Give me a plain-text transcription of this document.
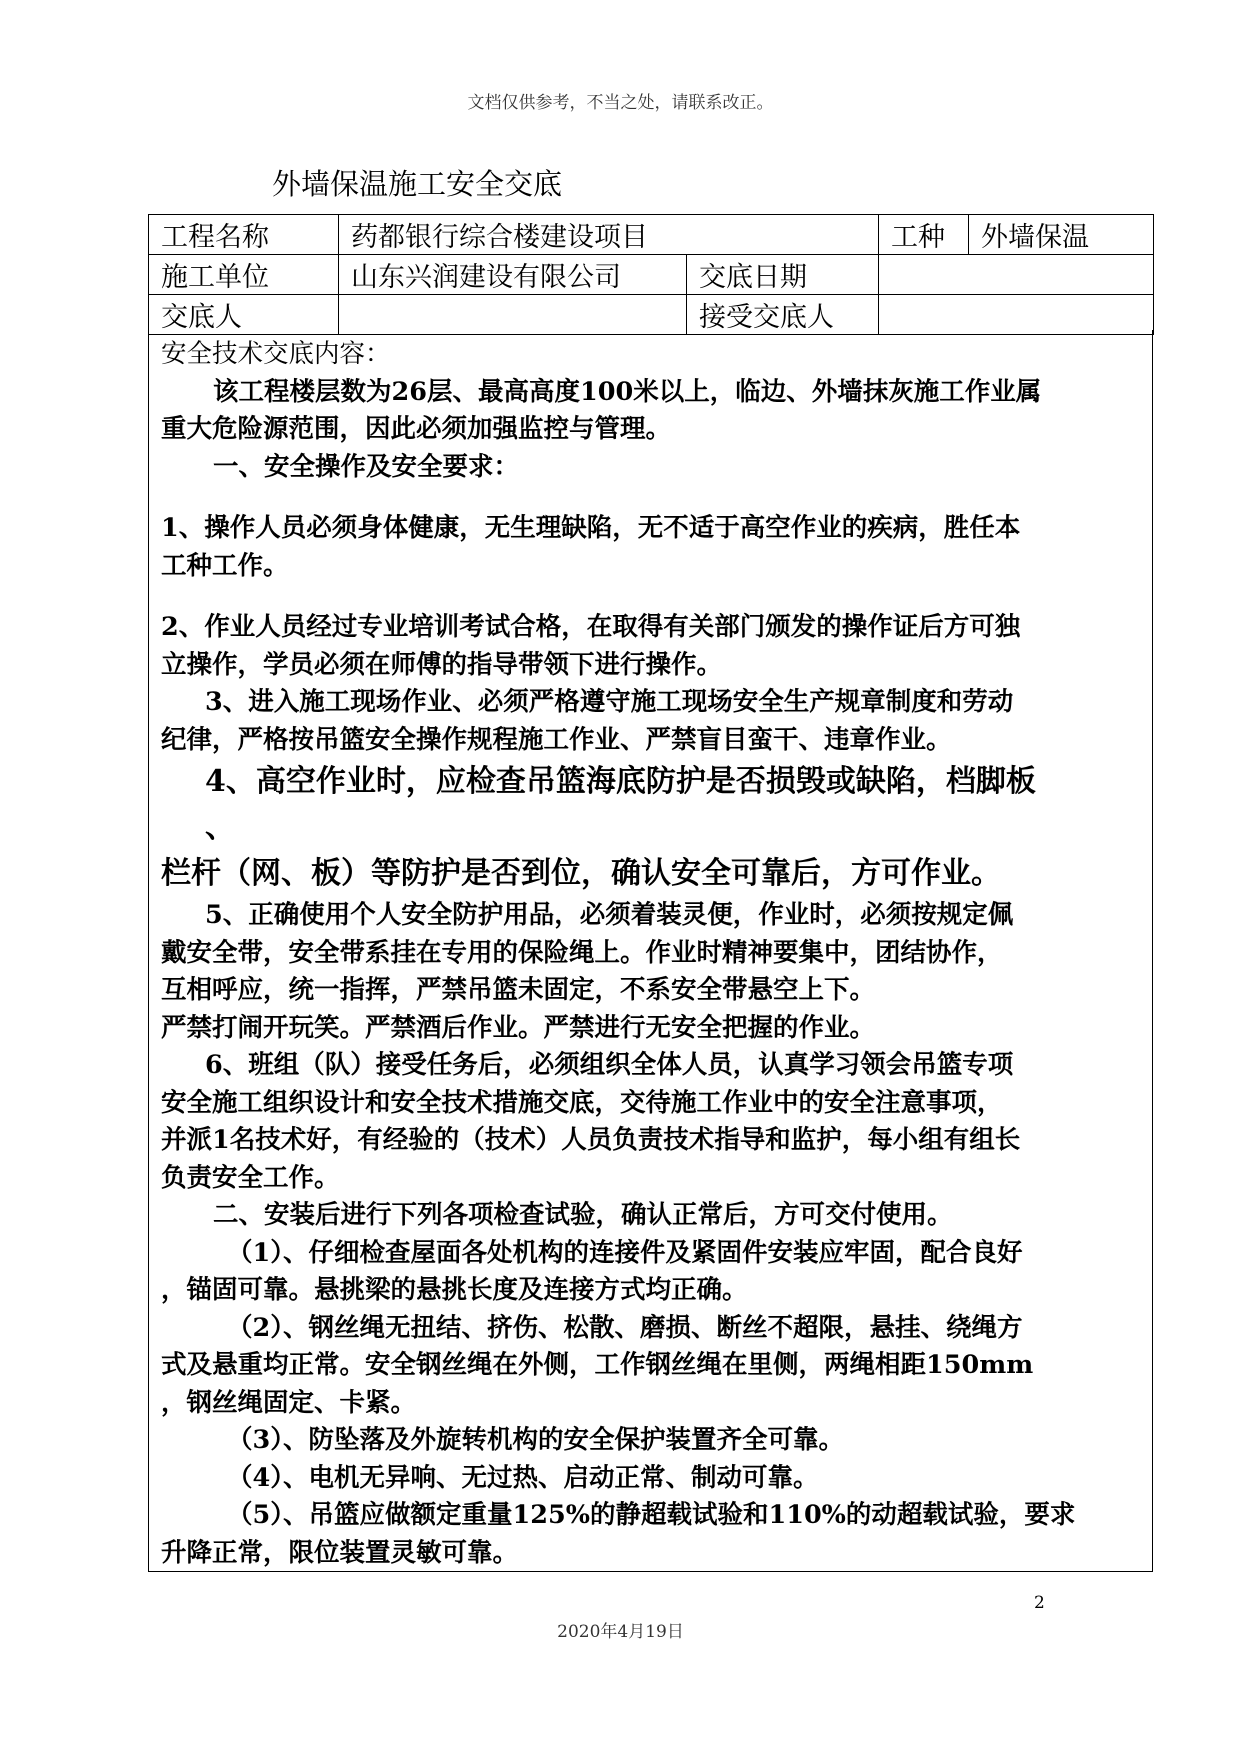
文档仅供参考，不当之处，请联系改正。
外墙保温施工安全交底
工程名称	药都银行综合楼建设项目		工种	外墙保温
施工单位	山东兴润建设有限公司	交底日期		
交底人		接受交底人		

安全技术交底内容：

该工程楼层数为26层、最高高度100米以上，临边、外墙抹灰施工作业属

重大危险源范围，因此必须加强监控与管理。

一、安全操作及安全要求：

1、操作人员必须身体健康，无生理缺陷，无不适于高空作业的疾病，胜任本

工种工作。

2、作业人员经过专业培训考试合格，在取得有关部门颁发的操作证后方可独

立操作，学员必须在师傅的指导带领下进行操作。

3、进入施工现场作业、必须严格遵守施工现场安全生产规章制度和劳动

纪律，严格按吊篮安全操作规程施工作业、严禁盲目蛮干、违章作业。

4、高空作业时，应检查吊篮海底防护是否损毁或缺陷，档脚板

、

栏杆（网、板）等防护是否到位，确认安全可靠后，方可作业。

5、正确使用个人安全防护用品，必须着装灵便，作业时，必须按规定佩

戴安全带，安全带系挂在专用的保险绳上。作业时精神要集中，团结协作，

互相呼应，统一指挥，严禁吊篮未固定，不系安全带悬空上下。

严禁打闹开玩笑。严禁酒后作业。严禁进行无安全把握的作业。

6、班组（队）接受任务后，必须组织全体人员，认真学习领会吊篮专项

安全施工组织设计和安全技术措施交底，交待施工作业中的安全注意事项，

并派1名技术好，有经验的（技术）人员负责技术指导和监护，每小组有组长

负责安全工作。

二、安装后进行下列各项检查试验，确认正常后，方可交付使用。

（1）、仔细检查屋面各处机构的连接件及紧固件安装应牢固，配合良好

，锚固可靠。悬挑梁的悬挑长度及连接方式均正确。

（2）、钢丝绳无扭结、挤伤、松散、磨损、断丝不超限，悬挂、绕绳方

式及悬重均正常。安全钢丝绳在外侧，工作钢丝绳在里侧，两绳相距150mm

，钢丝绳固定、卡紧。

（3）、防坠落及外旋转机构的安全保护装置齐全可靠。

（4）、电机无异响、无过热、启动正常、制动可靠。

（5）、吊篮应做额定重量125%的静超载试验和110%的动超载试验，要求

升降正常，限位装置灵敏可靠。

2
2020年4月19日
